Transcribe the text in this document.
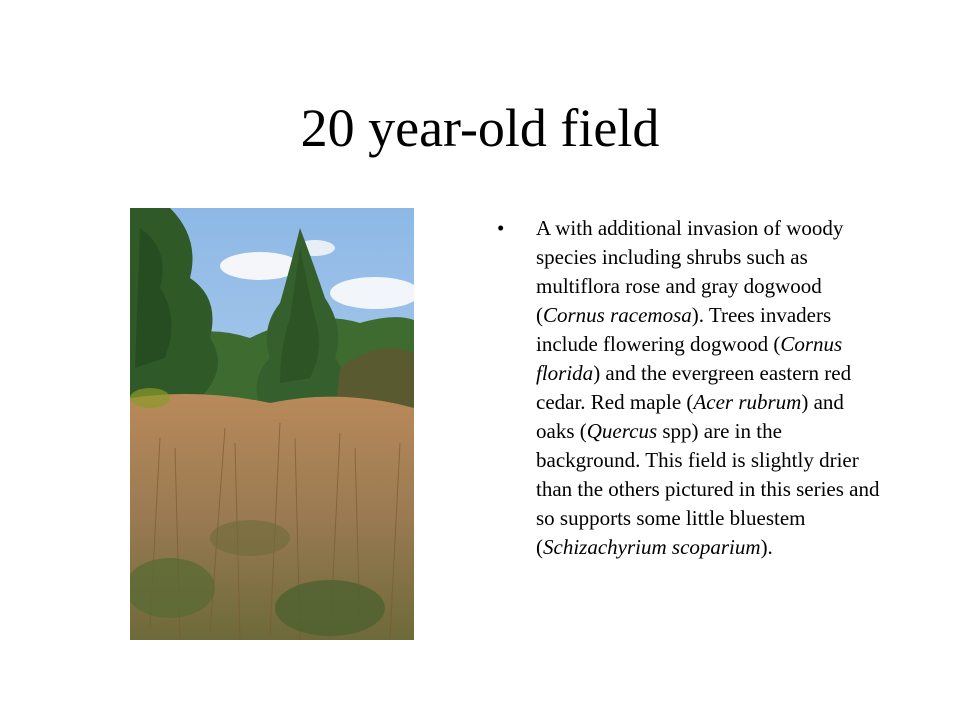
20 year-old field
• A with additional invasion of woody species including shrubs such as multiflora rose and gray dogwood (Cornus racemosa). Trees invaders include flowering dogwood (Cornus florida) and the evergreen eastern red cedar. Red maple (Acer rubrum) and oaks (Quercus spp) are in the background. This field is slightly drier than the others pictured in this series and so supports some little bluestem (Schizachyrium scoparium).
